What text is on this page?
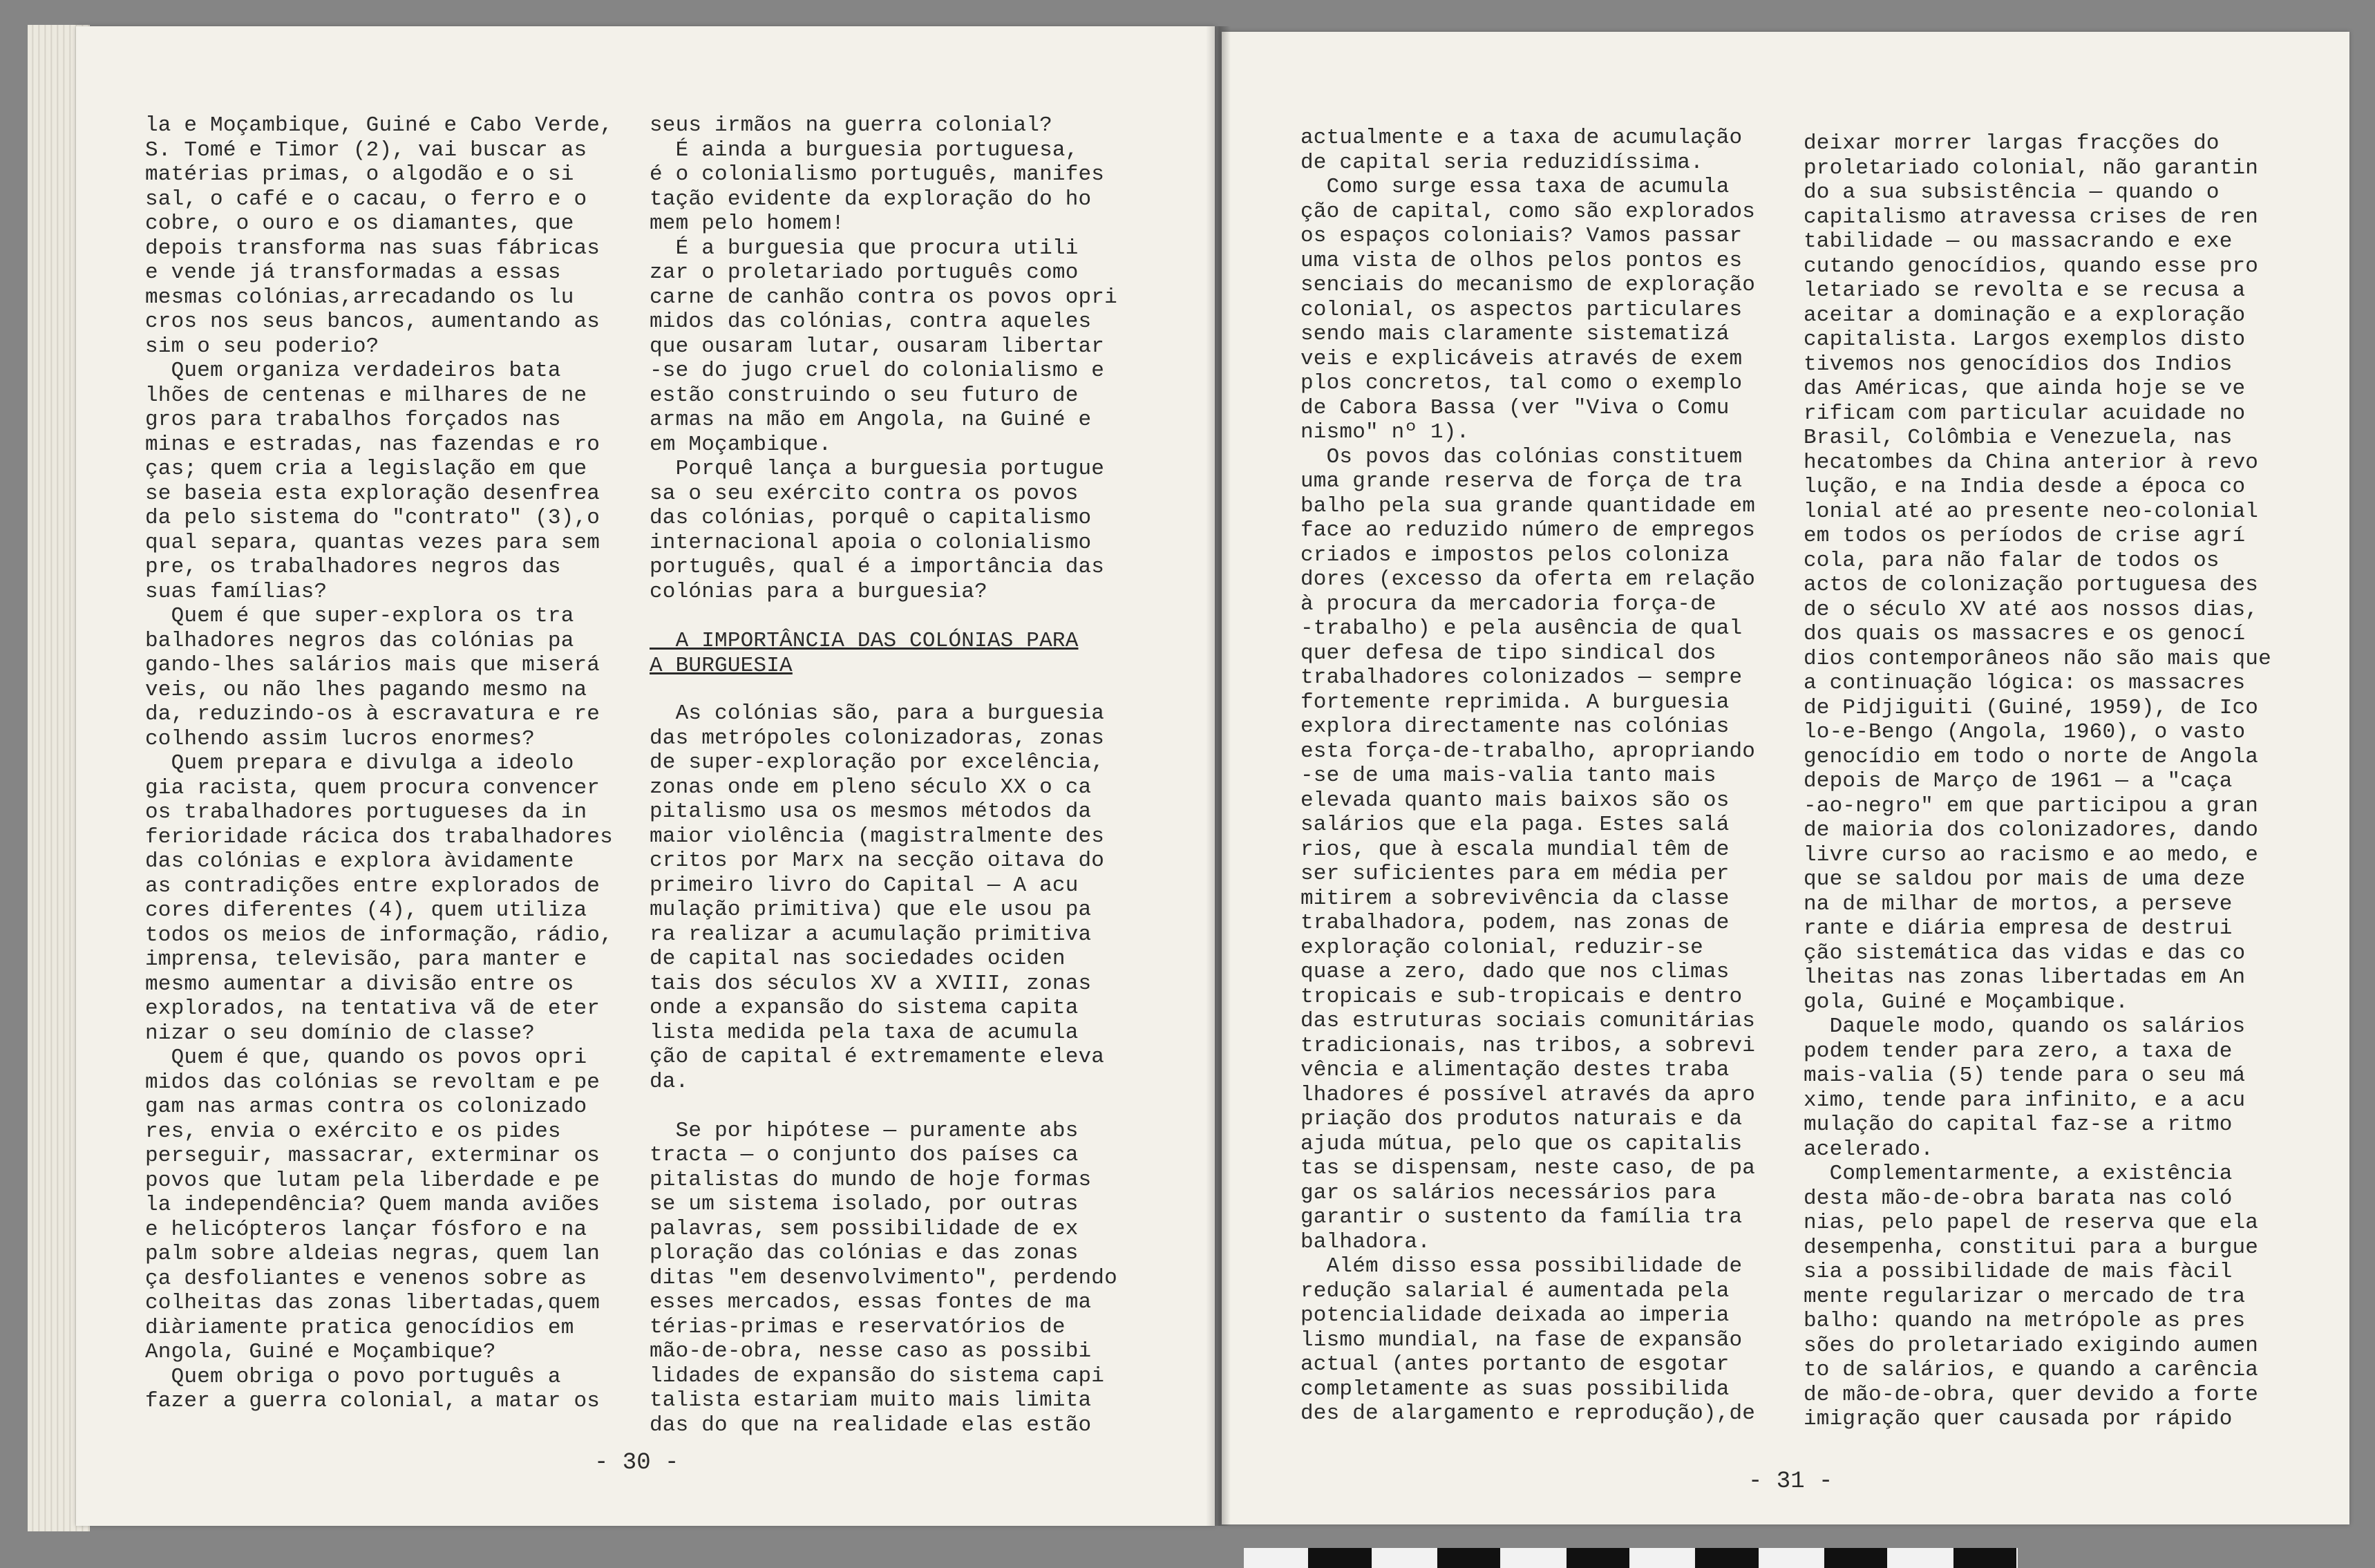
la e Moçambique, Guiné e Cabo Verde,

S. Tomé e Timor (2), vai buscar as

matérias primas, o algodão e o si

sal, o café e o cacau, o ferro e o

cobre, o ouro e os diamantes, que

depois transforma nas suas fábricas

e vende já transformadas a essas

mesmas colónias,arrecadando os lu

cros nos seus bancos, aumentando as

sim o seu poderio?

Quem organiza verdadeiros bata

lhões de centenas e milhares de ne

gros para trabalhos forçados nas

minas e estradas, nas fazendas e ro

ças; quem cria a legislação em que

se baseia esta exploração desenfrea

da pelo sistema do "contrato" (3),o

qual separa, quantas vezes para sem

pre, os trabalhadores negros das

suas famílias?

Quem é que super-explora os tra

balhadores negros das colónias pa

gando-lhes salários mais que miserá

veis, ou não lhes pagando mesmo na

da, reduzindo-os à escravatura e re

colhendo assim lucros enormes?

Quem prepara e divulga a ideolo

gia racista, quem procura convencer

os trabalhadores portugueses da in

ferioridade rácica dos trabalhadores

das colónias e explora àvidamente

as contradições entre explorados de

cores diferentes (4), quem utiliza

todos os meios de informação, rádio,

imprensa, televisão, para manter e

mesmo aumentar a divisão entre os

explorados, na tentativa vã de eter

nizar o seu domínio de classe?

Quem é que, quando os povos opri

midos das colónias se revoltam e pe

gam nas armas contra os colonizado

res, envia o exército e os pides

perseguir, massacrar, exterminar os

povos que lutam pela liberdade e pe

la independência? Quem manda aviões

e helicópteros lançar fósforo e na

palm sobre aldeias negras, quem lan

ça desfoliantes e venenos sobre as

colheitas das zonas libertadas,quem

diàriamente pratica genocídios em

Angola, Guiné e Moçambique?

Quem obriga o povo português a

fazer a guerra colonial, a matar os

seus irmãos na guerra colonial?

É ainda a burguesia portuguesa,

é o colonialismo português, manifes

tação evidente da exploração do ho

mem pelo homem!

É a burguesia que procura utili

zar o proletariado português como

carne de canhão contra os povos opri

midos das colónias, contra aqueles

que ousaram lutar, ousaram libertar

-se do jugo cruel do colonialismo e

estão construindo o seu futuro de

armas na mão em Angola, na Guiné e

em Moçambique.

Porquê lança a burguesia portugue

sa o seu exército contra os povos

das colónias, porquê o capitalismo

internacional apoia o colonialismo

português, qual é a importância das

colónias para a burguesia?

A IMPORTÂNCIA DAS COLÓNIAS PARA

A BURGUESIA

As colónias são, para a burguesia

das metrópoles colonizadoras, zonas

de super-exploração por excelência,

zonas onde em pleno século XX o ca

pitalismo usa os mesmos métodos da

maior violência (magistralmente des

critos por Marx na secção oitava do

primeiro livro do Capital — A acu

mulação primitiva) que ele usou pa

ra realizar a acumulação primitiva

de capital nas sociedades ociden

tais dos séculos XV a XVIII, zonas

onde a expansão do sistema capita

lista medida pela taxa de acumula

ção de capital é extremamente eleva

da.

Se por hipótese — puramente abs

tracta — o conjunto dos países ca

pitalistas do mundo de hoje formas

se um sistema isolado, por outras

palavras, sem possibilidade de ex

ploração das colónias e das zonas

ditas "em desenvolvimento", perdendo

esses mercados, essas fontes de ma

térias-primas e reservatórios de

mão-de-obra, nesse caso as possibi

lidades de expansão do sistema capi

talista estariam muito mais limita

das do que na realidade elas estão

- 30 -

actualmente e a taxa de acumulação

de capital seria reduzidíssima.

Como surge essa taxa de acumula

ção de capital, como são explorados

os espaços coloniais? Vamos passar

uma vista de olhos pelos pontos es

senciais do mecanismo de exploração

colonial, os aspectos particulares

sendo mais claramente sistematizá

veis e explicáveis através de exem

plos concretos, tal como o exemplo

de Cabora Bassa (ver "Viva o Comu

nismo" nº 1).

Os povos das colónias constituem

uma grande reserva de força de tra

balho pela sua grande quantidade em

face ao reduzido número de empregos

criados e impostos pelos coloniza

dores (excesso da oferta em relação

à procura da mercadoria força-de

-trabalho) e pela ausência de qual

quer defesa de tipo sindical dos

trabalhadores colonizados — sempre

fortemente reprimida. A burguesia

explora directamente nas colónias

esta força-de-trabalho, apropriando

-se de uma mais-valia tanto mais

elevada quanto mais baixos são os

salários que ela paga. Estes salá

rios, que à escala mundial têm de

ser suficientes para em média per

mitirem a sobrevivência da classe

trabalhadora, podem, nas zonas de

exploração colonial, reduzir-se

quase a zero, dado que nos climas

tropicais e sub-tropicais e dentro

das estruturas sociais comunitárias

tradicionais, nas tribos, a sobrevi

vência e alimentação destes traba

lhadores é possível através da apro

priação dos produtos naturais e da

ajuda mútua, pelo que os capitalis

tas se dispensam, neste caso, de pa

gar os salários necessários para

garantir o sustento da família tra

balhadora.

Além disso essa possibilidade de

redução salarial é aumentada pela

potencialidade deixada ao imperia

lismo mundial, na fase de expansão

actual (antes portanto de esgotar

completamente as suas possibilida

des de alargamento e reprodução),de

deixar morrer largas fracções do

proletariado colonial, não garantin

do a sua subsistência — quando o

capitalismo atravessa crises de ren

tabilidade — ou massacrando e exe

cutando genocídios, quando esse pro

letariado se revolta e se recusa a

aceitar a dominação e a exploração

capitalista. Largos exemplos disto

tivemos nos genocídios dos Indios

das Américas, que ainda hoje se ve

rificam com particular acuidade no

Brasil, Colômbia e Venezuela, nas

hecatombes da China anterior à revo

lução, e na India desde a época co

lonial até ao presente neo-colonial

em todos os períodos de crise agrí

cola, para não falar de todos os

actos de colonização portuguesa des

de o século XV até aos nossos dias,

dos quais os massacres e os genocí

dios contemporâneos não são mais que

a continuação lógica: os massacres

de Pidjiguiti (Guiné, 1959), de Ico

lo-e-Bengo (Angola, 1960), o vasto

genocídio em todo o norte de Angola

depois de Março de 1961 — a "caça

-ao-negro" em que participou a gran

de maioria dos colonizadores, dando

livre curso ao racismo e ao medo, e

que se saldou por mais de uma deze

na de milhar de mortos, a perseve

rante e diária empresa de destrui

ção sistemática das vidas e das co

lheitas nas zonas libertadas em An

gola, Guiné e Moçambique.

Daquele modo, quando os salários

podem tender para zero, a taxa de

mais-valia (5) tende para o seu má

ximo, tende para infinito, e a acu

mulação do capital faz-se a ritmo

acelerado.

Complementarmente, a existência

desta mão-de-obra barata nas coló

nias, pelo papel de reserva que ela

desempenha, constitui para a burgue

sia a possibilidade de mais fàcil

mente regularizar o mercado de tra

balho: quando na metrópole as pres

sões do proletariado exigindo aumen

to de salários, e quando a carência

de mão-de-obra, quer devido a forte

imigração quer causada por rápido

- 31 -
